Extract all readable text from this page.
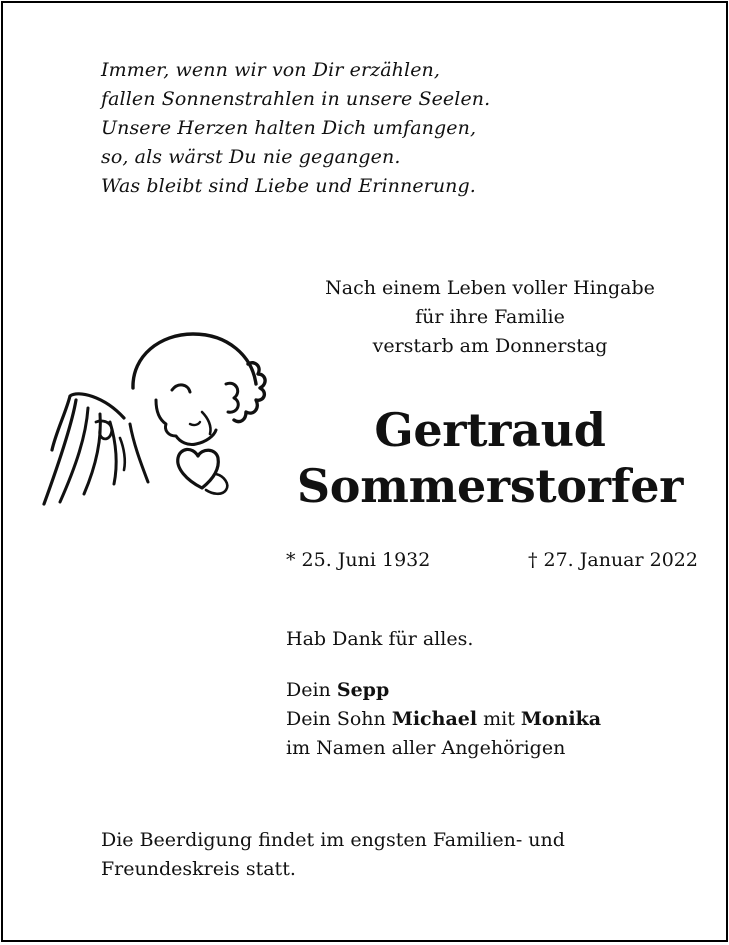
Immer, wenn wir von Dir erzählen,
fallen Sonnenstrahlen in unsere Seelen.
Unsere Herzen halten Dich umfangen,
so, als wärst Du nie gegangen.
Was bleibt sind Liebe und Erinnerung.
Nach einem Leben voller Hingabe
für ihre Familie
verstarb am Donnerstag
Gertraud
Sommerstorfer
* 25. Juni 1932	† 27. Januar 2022
Hab Dank für alles.
Dein Sepp
Dein Sohn Michael mit Monika
im Namen aller Angehörigen
Die Beerdigung findet im engsten Familien- und
Freundeskreis statt.
